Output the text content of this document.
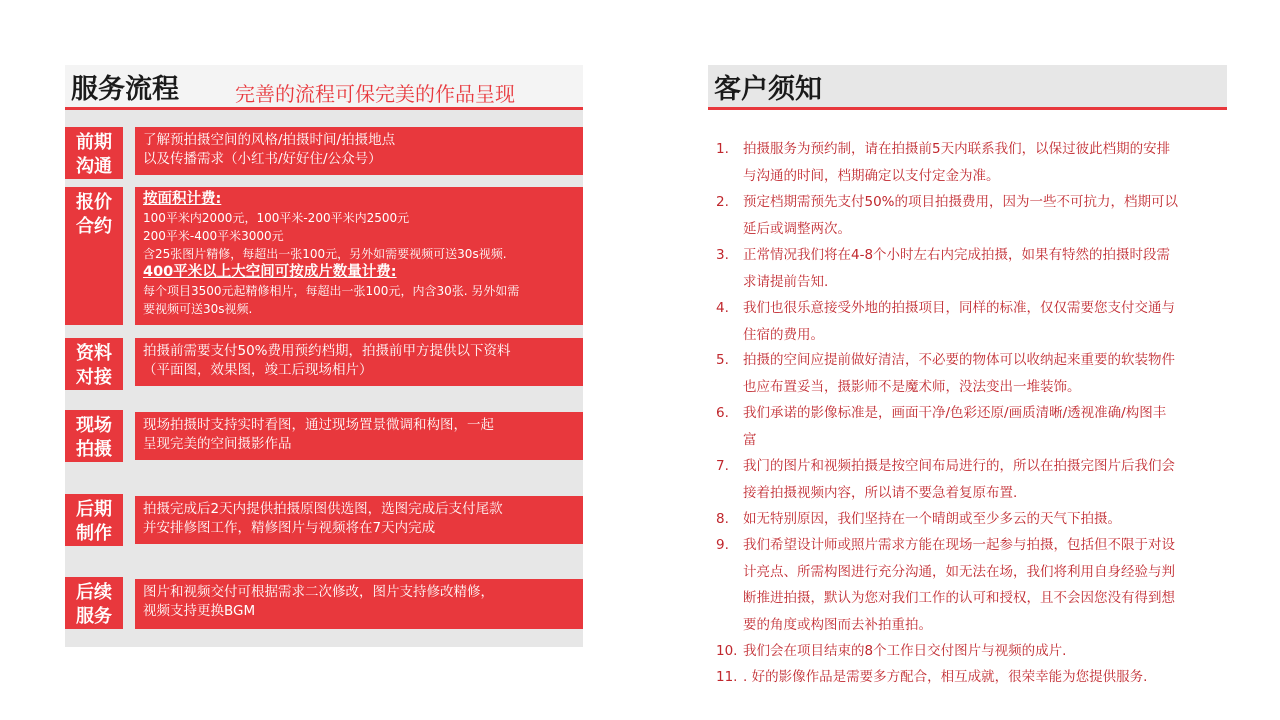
服务流程	完善的流程可保完美的作品呈现
前期
沟通
了解预拍摄空间的风格/拍摄时间/拍摄地点
以及传播需求（小红书/好好住/公众号）
报价
合约
按面积计费:
100平米内2000元，100平米-200平米内2500元
200平米-400平米3000元
含25张图片精修，每超出一张100元，另外如需要视频可送30s视频.
400平米以上大空间可按成片数量计费:
每个项目3500元起精修相片，每超出一张100元，内含30张. 另外如需
要视频可送30s视频.
资料
对接
拍摄前需要支付50%费用预约档期，拍摄前甲方提供以下资料
（平面图，效果图，竣工后现场相片）
现场
拍摄
现场拍摄时支持实时看图，通过现场置景微调和构图，一起
呈现完美的空间摄影作品
后期
制作
拍摄完成后2天内提供拍摄原图供选图，选图完成后支付尾款
并安排修图工作，精修图片与视频将在7天内完成
后续
服务
图片和视频交付可根据需求二次修改，图片支持修改精修，
视频支持更换BGM
客户须知
1. 拍摄服务为预约制，请在拍摄前5天内联系我们，以保过彼此档期的安排
与沟通的时间，档期确定以支付定金为准。
2. 预定档期需预先支付50%的项目拍摄费用，因为一些不可抗力，档期可以
延后或调整两次。
3. 正常情况我们将在4-8个小时左右内完成拍摄，如果有特然的拍摄时段需
求请提前告知.
4. 我们也很乐意接受外地的拍摄项目，同样的标准，仅仅需要您支付交通与
住宿的费用。
5. 拍摄的空间应提前做好清洁，不必要的物体可以收纳起来重要的软装物件
也应布置妥当，摄影师不是魔术师，没法变出一堆装饰。
6. 我们承诺的影像标准是，画面干净/色彩还原/画质清晰/透视准确/构图丰
富
7. 我门的图片和视频拍摄是按空间布局进行的，所以在拍摄完图片后我们会
接着拍摄视频内容，所以请不要急着复原布置.
8. 如无特别原因，我们坚持在一个晴朗或至少多云的天气下拍摄。
9. 我们希望设计师或照片需求方能在现场一起参与拍摄，包括但不限于对设
计亮点、所需构图进行充分沟通，如无法在场，我们将利用自身经验与判
断推进拍摄，默认为您对我们工作的认可和授权，且不会因您没有得到想
要的角度或构图而去补拍重拍。
10. 我们会在项目结束的8个工作日交付图片与视频的成片.
11. . 好的影像作品是需要多方配合，相互成就，很荣幸能为您提供服务.
